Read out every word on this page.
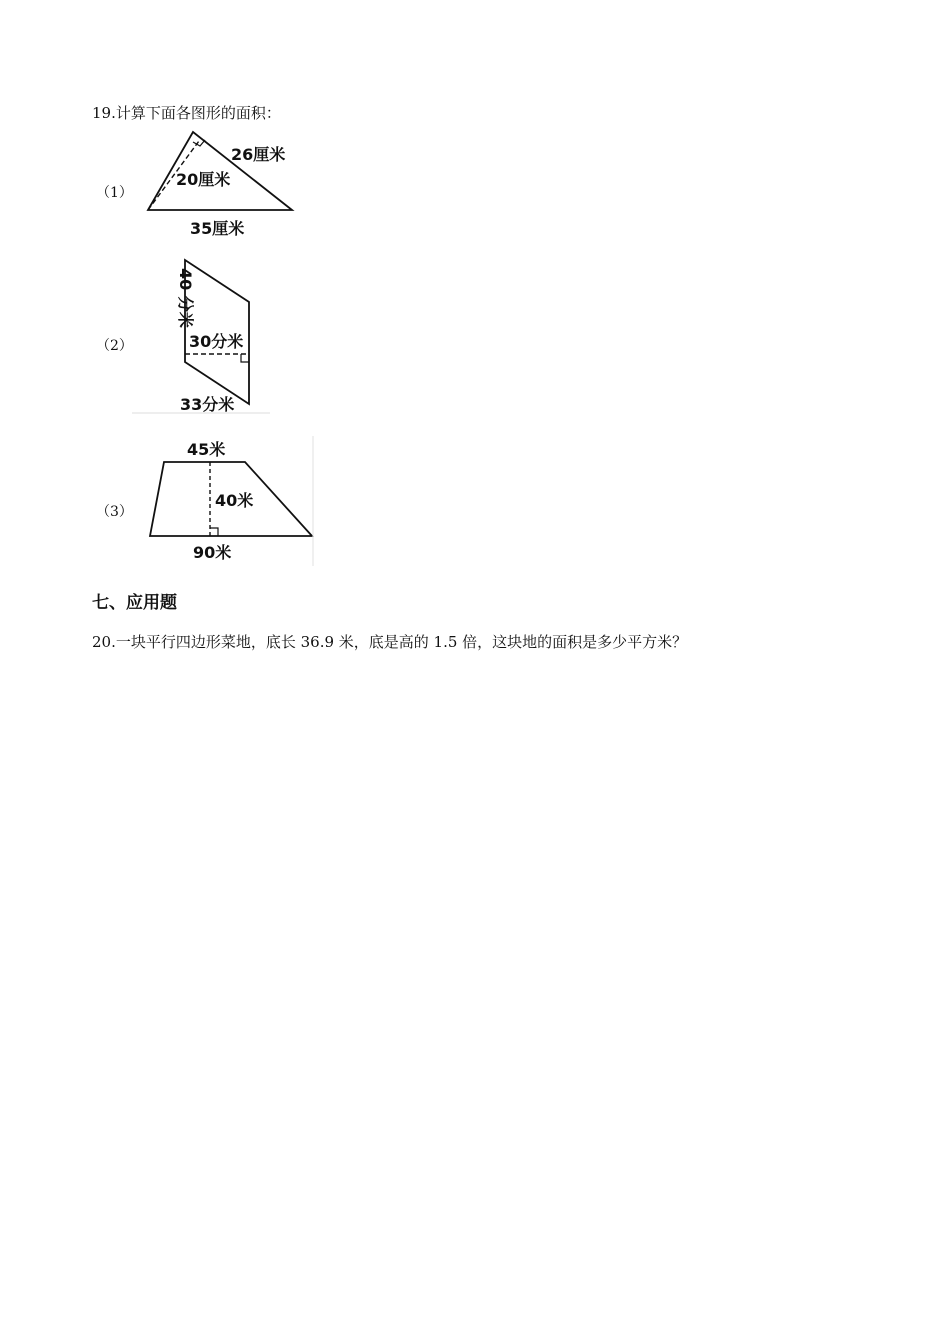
19.计算下面各图形的面积：
（1）
26厘米
20厘米
35厘米
（2）
40 分米
30分米
33分米
（3）
45米
40米
90米
七、应用题
20.一块平行四边形菜地，底长 36.9 米，底是高的 1.5 倍，这块地的面积是多少平方米？
